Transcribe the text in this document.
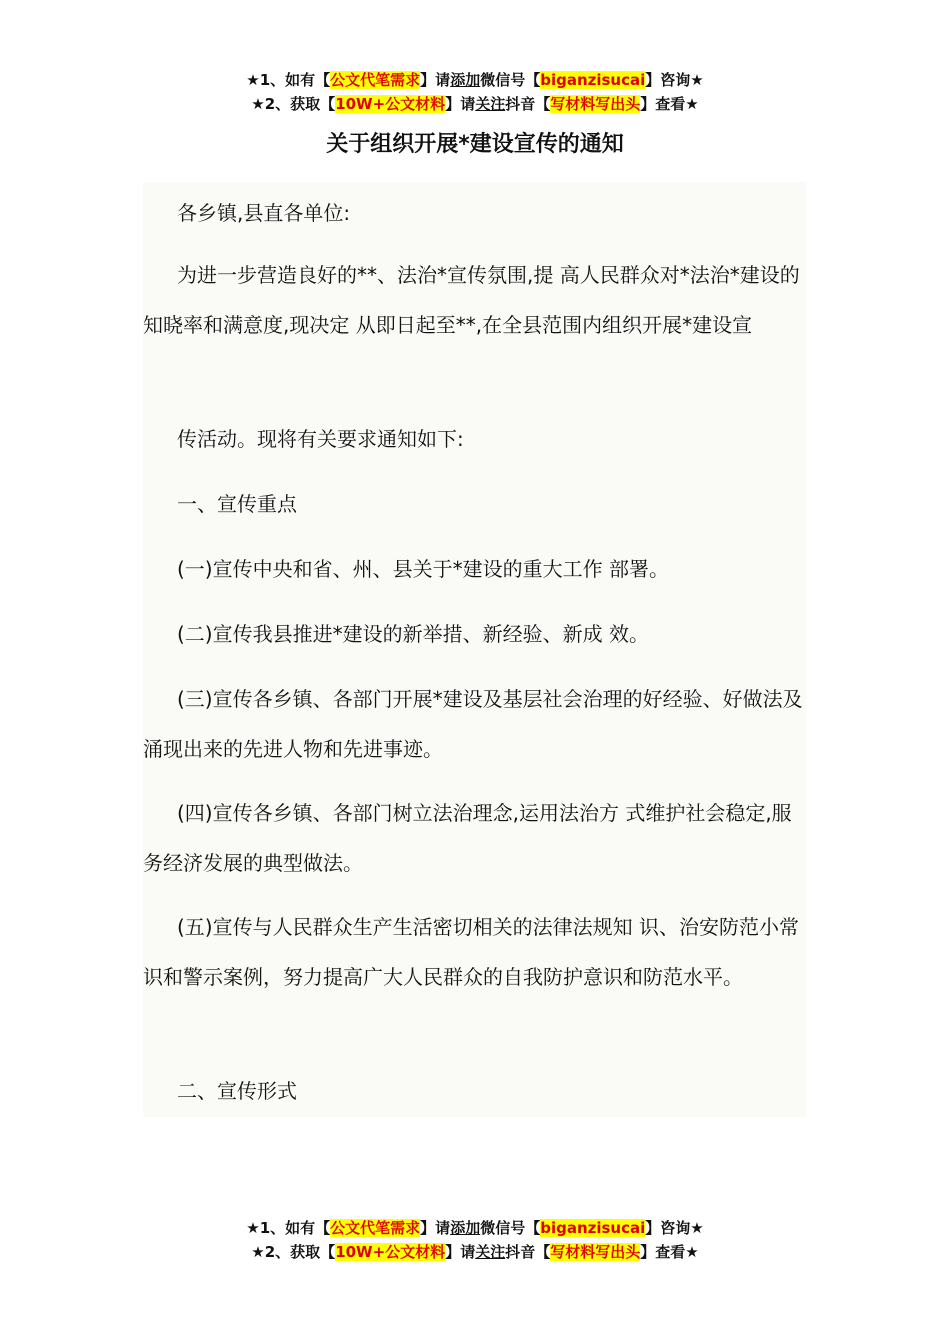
★1、如有【公文代笔需求】请添加微信号【biganzisucai】咨询★
★2、获取【10W+公文材料】请关注抖音【写材料写出头】查看★
关于组织开展*建设宣传的通知

各乡镇,县直各单位:

为进一步营造良好的**、法治*宣传氛围,提 高人民群众对*法治*建设的知晓率和满意度,现决定 从即日起至**,在全县范围内组织开展*建设宣

传活动。现将有关要求通知如下:

一、宣传重点

(一)宣传中央和省、州、县关于*建设的重大工作 部署。

(二)宣传我县推进*建设的新举措、新经验、新成 效。

(三)宣传各乡镇、各部门开展*建设及基层社会治理的好经验、好做法及涌现出来的先进人物和先进事迹。

(四)宣传各乡镇、各部门树立法治理念,运用法治方 式维护社会稳定,服务经济发展的典型做法。

(五)宣传与人民群众生产生活密切相关的法律法规知 识、治安防范小常识和警示案例，努力提高广大人民群众的自我防护意识和防范水平。

二、宣传形式

★1、如有【公文代笔需求】请添加微信号【biganzisucai】咨询★
★2、获取【10W+公文材料】请关注抖音【写材料写出头】查看★
